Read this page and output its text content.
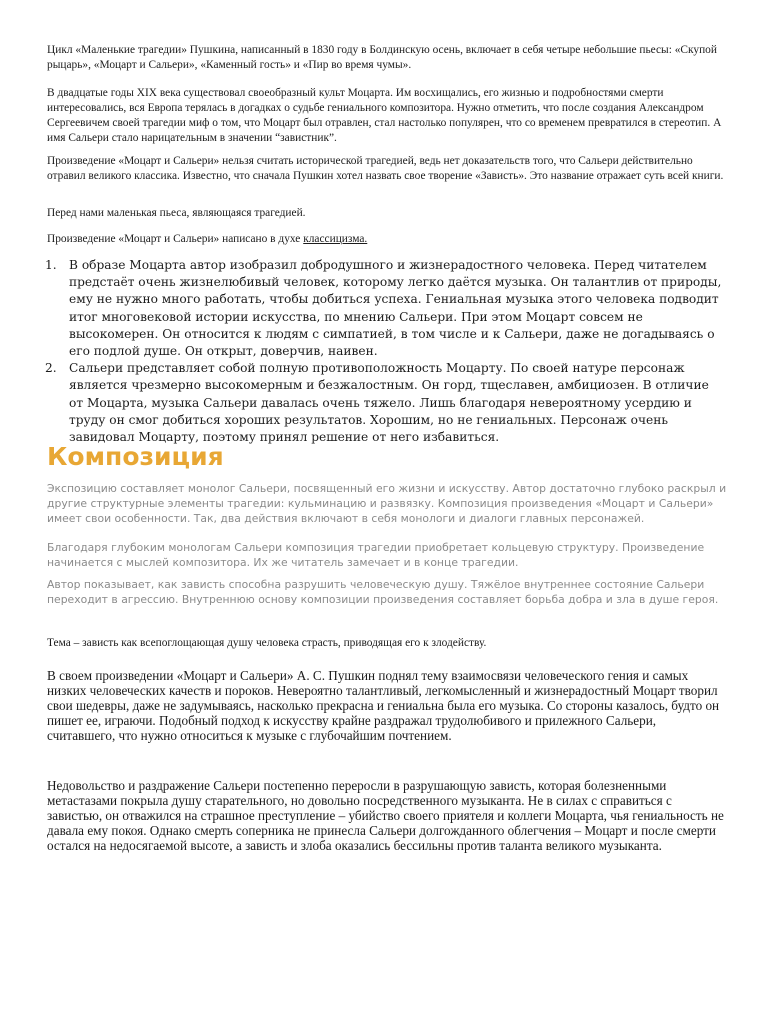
Цикл «Маленькие трагедии» Пушкина, написанный в 1830 году в Болдинскую осень, включает в себя четыре небольшие пьесы: «Скупой рыцарь», «Моцарт и Сальери», «Каменный гость» и «Пир во время чумы».

В двадцатые годы XIX века существовал своеобразный культ Моцарта. Им восхищались, его жизнью и подробностями смерти интересовались, вся Европа терялась в догадках о судьбе гениального композитора. Нужно отметить, что после создания Александром Сергеевичем своей трагедии миф о том, что Моцарт был отравлен, стал настолько популярен, что со временем превратился в стереотип. А имя Сальери стало нарицательным в значении “завистник”.

Произведение «Моцарт и Сальери» нельзя считать исторической трагедией, ведь нет доказательств того, что Сальери действительно отравил великого классика. Известно, что сначала Пушкин хотел назвать свое творение «Зависть». Это название отражает суть всей книги.

Перед нами маленькая пьеса, являющаяся трагедией.

Произведение «Моцарт и Сальери» написано в духе классицизма.

1. В образе Моцарта автор изобразил добродушного и жизнерадостного человека. Перед читателем предстаёт очень жизнелюбивый человек, которому легко даётся музыка. Он талантлив от природы, ему не нужно много работать, чтобы добиться успеха. Гениальная музыка этого человека подводит итог многовековой истории искусства, по мнению Сальери. При этом Моцарт совсем не высокомерен. Он относится к людям с симпатией, в том числе и к Сальери, даже не догадываясь о его подлой душе. Он открыт, доверчив, наивен.
2. Сальери представляет собой полную противоположность Моцарту. По своей натуре персонаж является чрезмерно высокомерным и безжалостным. Он горд, тщеславен, амбициозен. В отличие от Моцарта, музыка Сальери давалась очень тяжело. Лишь благодаря невероятному усердию и труду он смог добиться хороших результатов. Хорошим, но не гениальных. Персонаж очень завидовал Моцарту, поэтому принял решение от него избавиться.
Композиция

Экспозицию составляет монолог Сальери, посвященный его жизни и искусству. Автор достаточно глубоко раскрыл и другие структурные элементы трагедии: кульминацию и развязку. Композиция произведения «Моцарт и Сальери» имеет свои особенности. Так, два действия включают в себя монологи и диалоги главных персонажей.

Благодаря глубоким монологам Сальери композиция трагедии приобретает кольцевую структуру. Произведение начинается с мыслей композитора. Их же читатель замечает и в конце трагедии.

Автор показывает, как зависть способна разрушить человеческую душу. Тяжёлое внутреннее состояние Сальери переходит в агрессию. Внутреннюю основу композиции произведения составляет борьба добра и зла в душе героя.

Тема – зависть как всепоглощающая душу человека страсть, приводящая его к злодейству.

В своем произведении «Моцарт и Сальери» А. С. Пушкин поднял тему взаимосвязи человеческого гения и самых низких человеческих качеств и пороков. Невероятно талантливый, легкомысленный и жизнерадостный Моцарт творил свои шедевры, даже не задумываясь, насколько прекрасна и гениальна была его музыка. Со стороны казалось, будто он пишет ее, играючи. Подобный подход к искусству крайне раздражал трудолюбивого и прилежного Сальери, считавшего, что нужно относиться к музыке с глубочайшим почтением.

Недовольство и раздражение Сальери постепенно переросли в разрушающую зависть, которая болезненными метастазами покрыла душу старательного, но довольно посредственного музыканта. Не в силах с справиться с завистью, он отважился на страшное преступление – убийство своего приятеля и коллеги Моцарта, чья гениальность не давала ему покоя. Однако смерть соперника не принесла Сальери долгожданного облегчения – Моцарт и после смерти остался на недосягаемой высоте, а зависть и злоба оказались бессильны против таланта великого музыканта.
